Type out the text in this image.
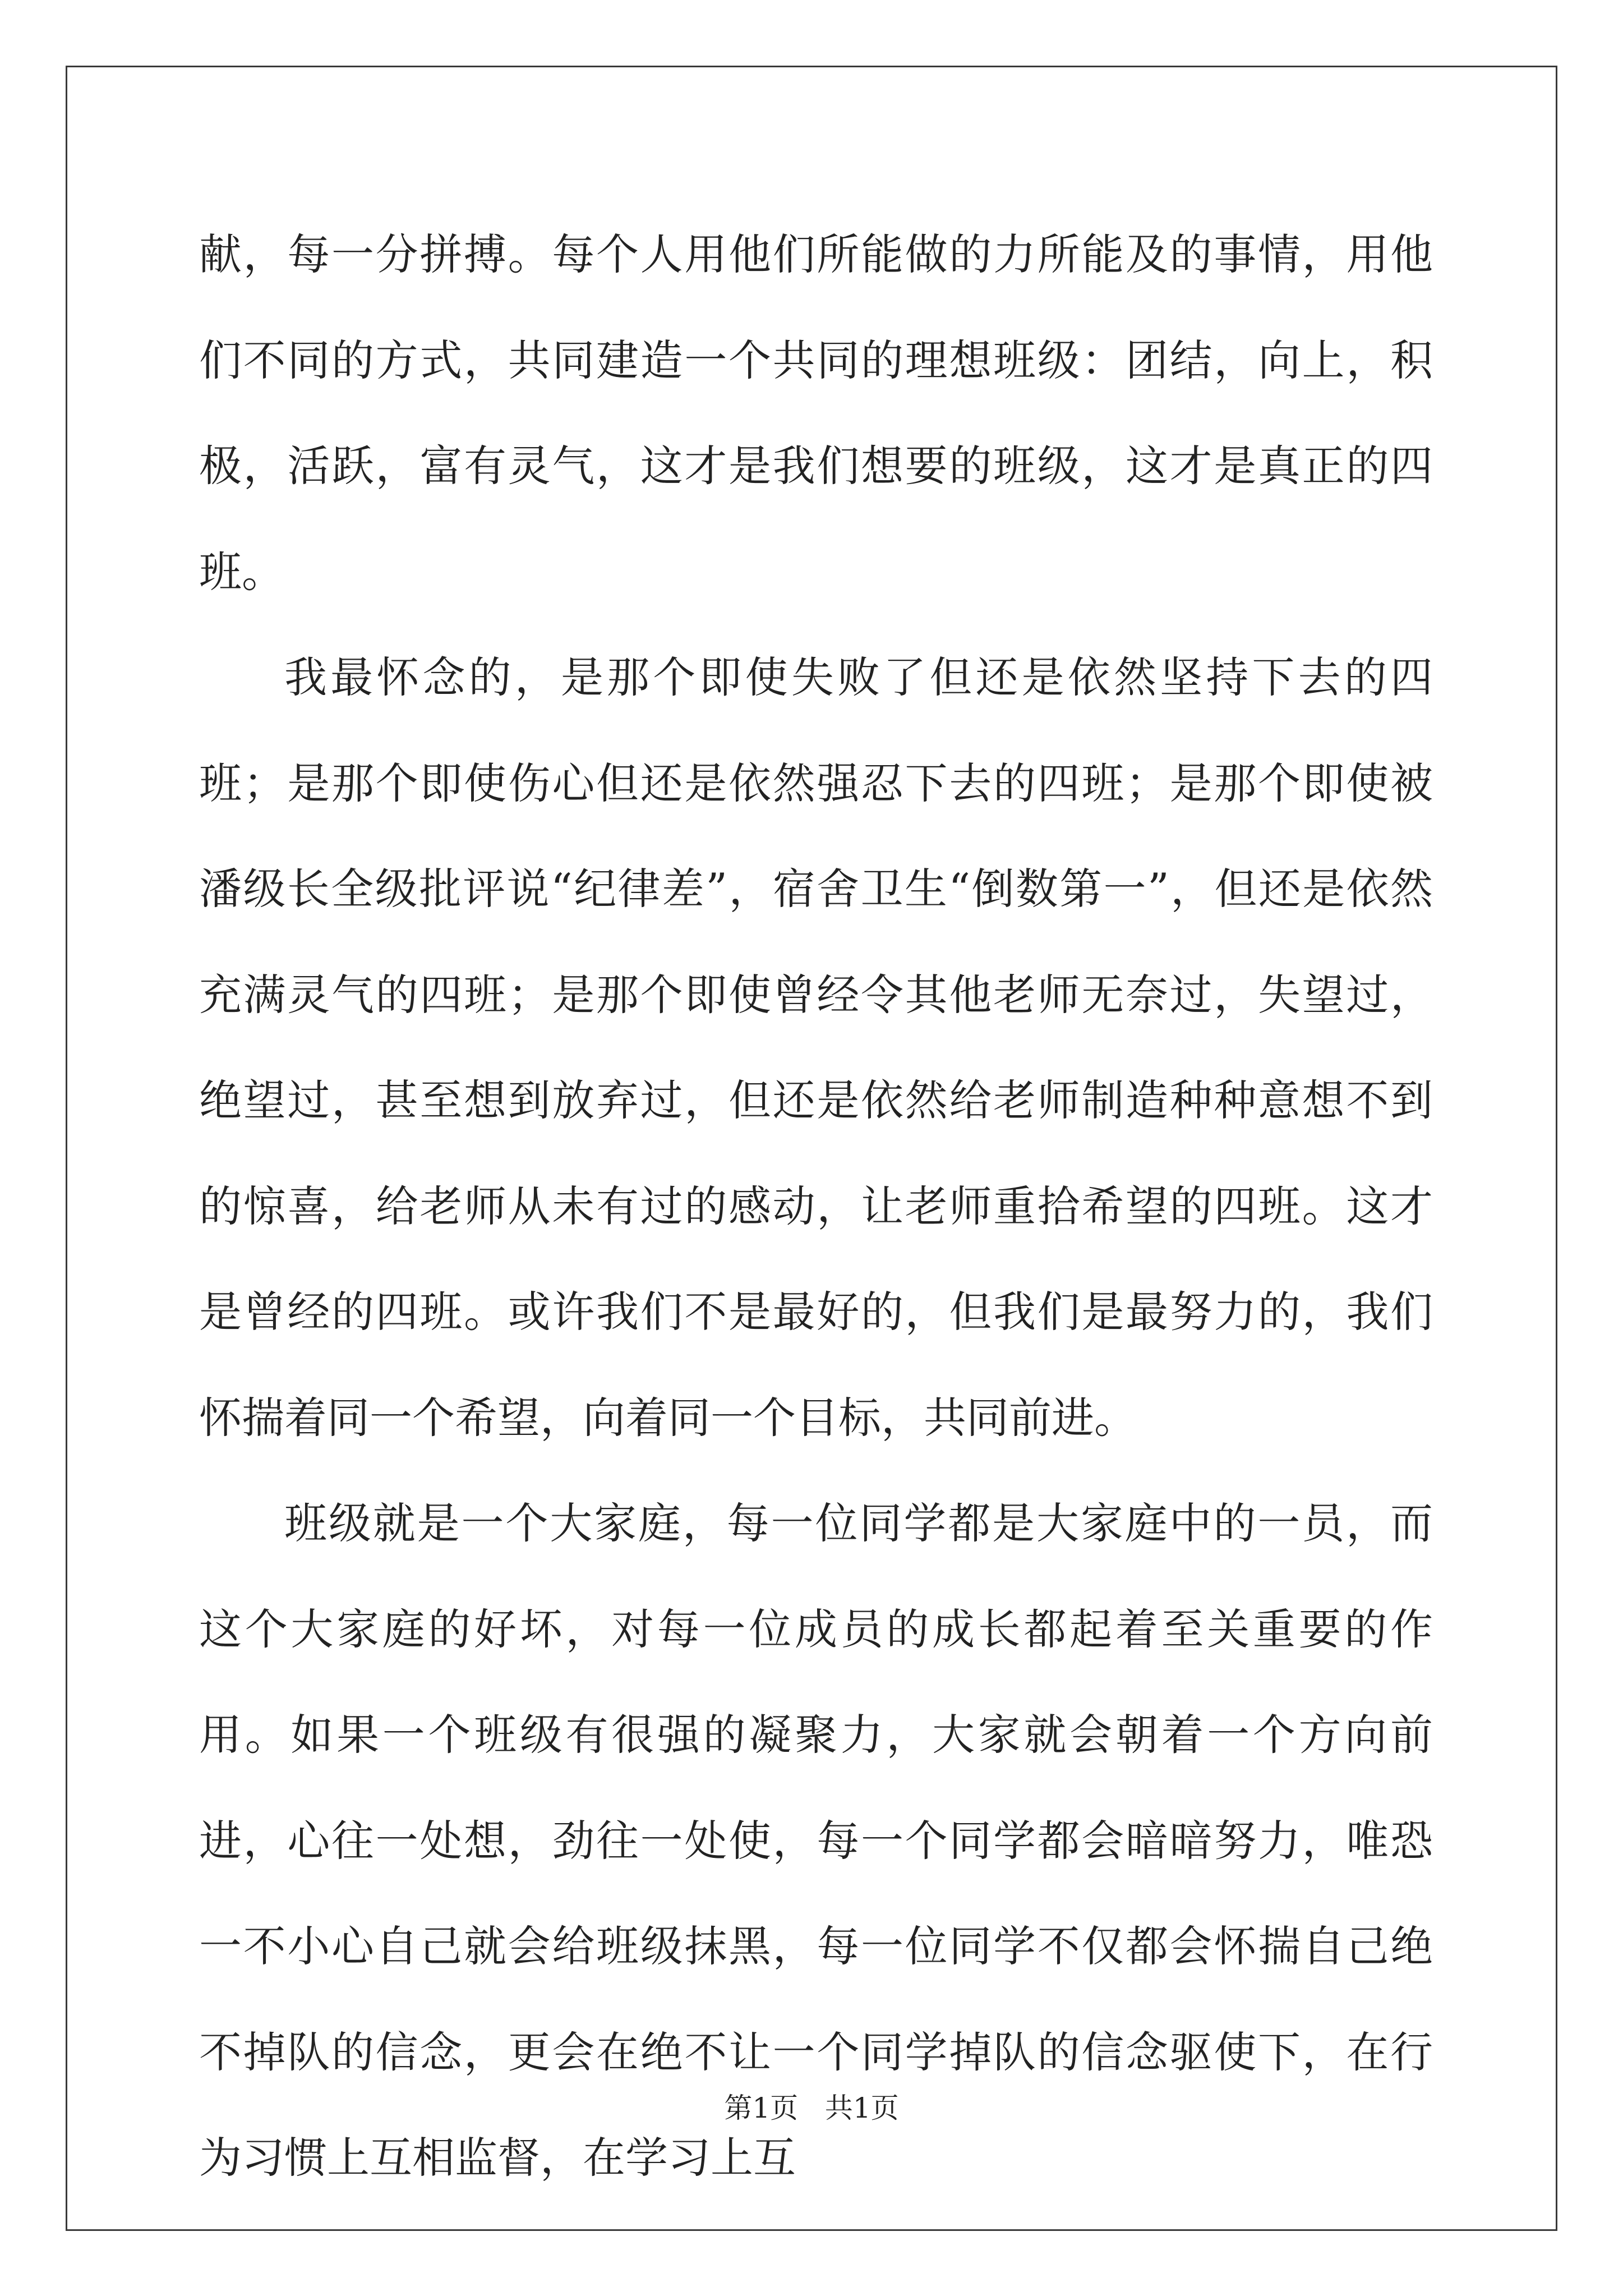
献，每一分拼搏。每个人用他们所能做的力所能及的事情，用他们不同的方式，共同建造一个共同的理想班级：团结，向上，积极，活跃，富有灵气，这才是我们想要的班级，这才是真正的四班。

我最怀念的，是那个即使失败了但还是依然坚持下去的四班；是那个即使伤心但还是依然强忍下去的四班；是那个即使被潘级长全级批评说“纪律差”，宿舍卫生“倒数第一”，但还是依然充满灵气的四班；是那个即使曾经令其他老师无奈过，失望过，绝望过，甚至想到放弃过，但还是依然给老师制造种种意想不到的惊喜，给老师从未有过的感动，让老师重拾希望的四班。这才是曾经的四班。或许我们不是最好的，但我们是最努力的，我们怀揣着同一个希望，向着同一个目标，共同前进。

班级就是一个大家庭，每一位同学都是大家庭中的一员，而这个大家庭的好坏，对每一位成员的成长都起着至关重要的作用。如果一个班级有很强的凝聚力，大家就会朝着一个方向前进，心往一处想，劲往一处使，每一个同学都会暗暗努力，唯恐一不小心自己就会给班级抹黑，每一位同学不仅都会怀揣自己绝不掉队的信念，更会在绝不让一个同学掉队的信念驱使下，在行为习惯上互相监督，在学习上互

第1页   共1页
